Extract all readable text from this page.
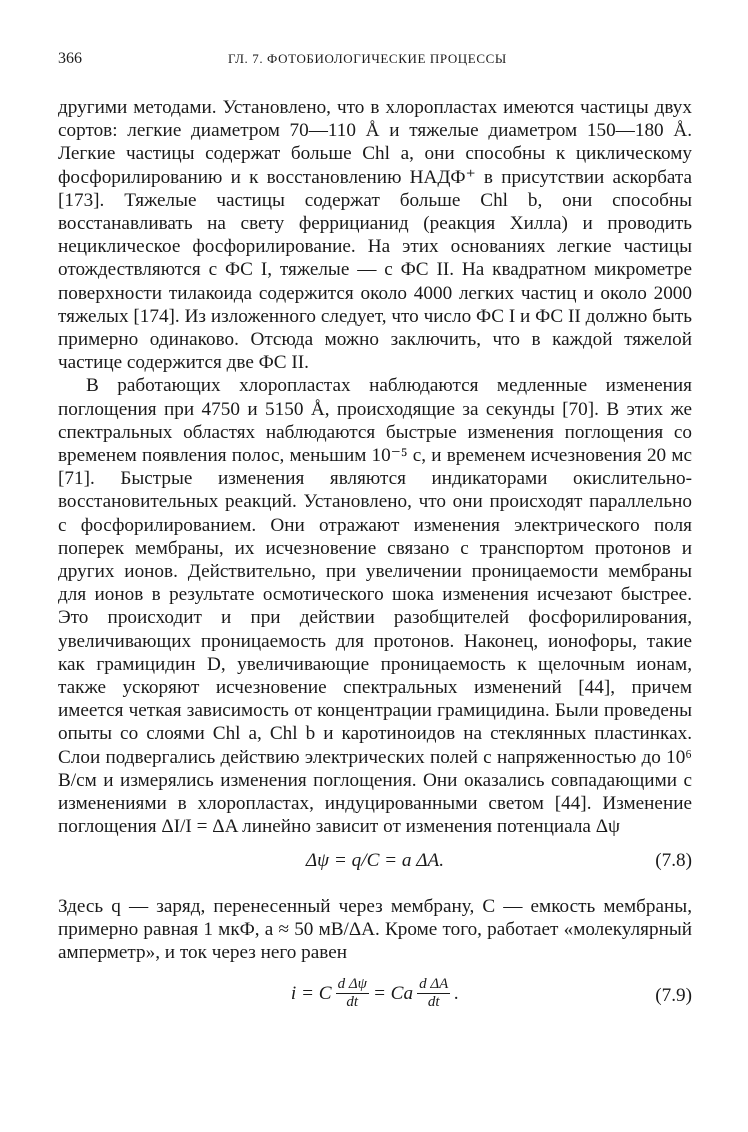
366	ГЛ. 7. ФОТОБИОЛОГИЧЕСКИЕ ПРОЦЕССЫ

другими методами. Установлено, что в хлоропластах имеются частицы двух сортов: легкие диаметром 70—110 Å и тяжелые диаметром 150—180 Å. Легкие частицы содержат больше Chl a, они способны к циклическому фосфорилированию и к восстановлению НАДФ⁺ в присутствии аскорбата [173]. Тяжелые частицы содержат больше Chl b, они способны восстанавливать на свету феррицианид (реакция Хилла) и проводить нециклическое фосфорилирование. На этих основаниях легкие частицы отождествляются с ФС I, тяжелые — с ФС II. На квадратном микрометре поверхности тилакоида содержится около 4000 легких частиц и около 2000 тяжелых [174]. Из изложенного следует, что число ФС I и ФС II должно быть примерно одинаково. Отсюда можно заключить, что в каждой тяжелой частице содержится две ФС II.

В работающих хлоропластах наблюдаются медленные изменения поглощения при 4750 и 5150 Å, происходящие за секунды [70]. В этих же спектральных областях наблюдаются быстрые изменения поглощения со временем появления полос, меньшим 10⁻⁵ с, и временем исчезновения 20 мс [71]. Быстрые изменения являются индикаторами окислительно-восстановительных реакций. Установлено, что они происходят параллельно с фосфорилированием. Они отражают изменения электрического поля поперек мембраны, их исчезновение связано с транспортом протонов и других ионов. Действительно, при увеличении проницаемости мембраны для ионов в результате осмотического шока изменения исчезают быстрее. Это происходит и при действии разобщителей фосфорилирования, увеличивающих проницаемость для протонов. Наконец, ионофоры, такие как грамицидин D, увеличивающие проницаемость к щелочным ионам, также ускоряют исчезновение спектральных изменений [44], причем имеется четкая зависимость от концентрации грамицидина. Были проведены опыты со слоями Chl a, Chl b и каротиноидов на стеклянных пластинках. Слои подвергались действию электрических полей с напряженностью до 10⁶ В/см и измерялись изменения поглощения. Они оказались совпадающими с изменениями в хлоропластах, индуцированными светом [44]. Изменение поглощения ΔI/I = ΔA линейно зависит от изменения потенциала Δψ

Δψ = q/C = a ΔA.	(7.8)

Здесь q — заряд, перенесенный через мембрану, C — емкость мембраны, примерно равная 1 мкФ, a ≈ 50 мВ/ΔA. Кроме того, работает «молекулярный амперметр», и ток через него равен

i = C $\frac{\text{d Δψ}}{dt} = Ca \frac{\text{d ΔA}}{dt}$ .	(7.9)
